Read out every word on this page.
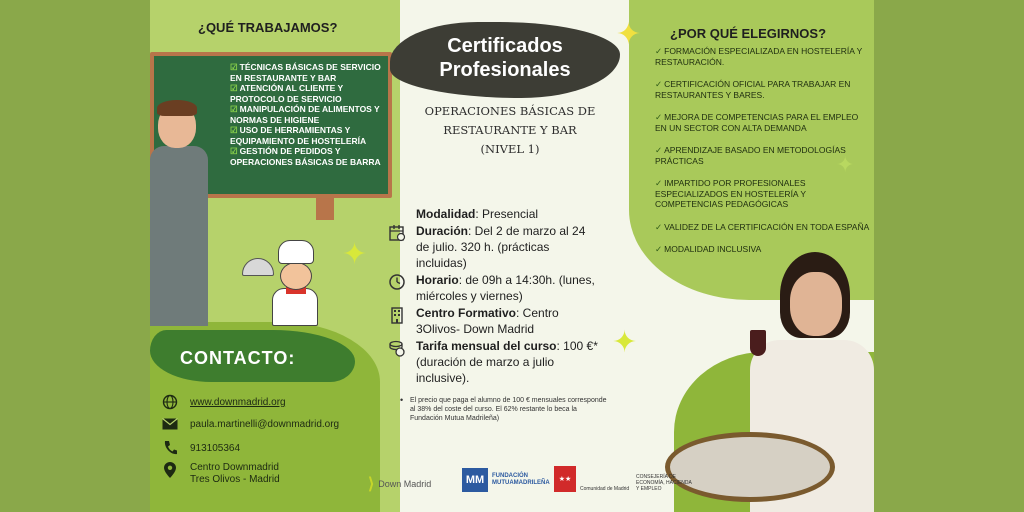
¿QUÉ TRABAJAMOS?
☑ TÉCNICAS BÁSICAS DE SERVICIO EN RESTAURANTE Y BAR
☑ ATENCIÓN AL CLIENTE Y PROTOCOLO DE SERVICIO
☑ MANIPULACIÓN DE ALIMENTOS Y NORMAS DE HIGIENE
☑ USO DE HERRAMIENTAS Y EQUIPAMIENTO DE HOSTELERÍA
☑ GESTIÓN DE PEDIDOS Y OPERACIONES BÁSICAS DE BARRA
Certificados Profesionales
OPERACIONES BÁSICAS DE
RESTAURANTE Y BAR
(NIVEL 1)
✦
✦
✦
✦
Modalidad: Presencial
Duración: Del 2 de marzo al 24 de julio. 320 h. (prácticas incluidas)
Horario: de 09h a 14:30h. (lunes, miércoles y viernes)
Centro Formativo: Centro 3Olivos- Down Madrid
Tarifa mensual del curso: 100 €* (duración de marzo a julio inclusive).
• El precio que paga el alumno de 100 € mensuales corresponde al 38% del coste del curso. El 62% restante lo beca la Fundación Mutua Madrileña)
¿POR QUÉ ELEGIRNOS?
✓ FORMACIÓN ESPECIALIZADA EN HOSTELERÍA Y RESTAURACIÓN.
✓ CERTIFICACIÓN OFICIAL PARA TRABAJAR EN RESTAURANTES Y BARES.
✓ MEJORA DE COMPETENCIAS PARA EL EMPLEO EN UN SECTOR CON ALTA DEMANDA
✓ APRENDIZAJE BASADO EN METODOLOGÍAS PRÁCTICAS
✓ IMPARTIDO POR PROFESIONALES ESPECIALIZADOS EN HOSTELERÍA Y COMPETENCIAS PEDAGÓGICAS
✓ VALIDEZ DE LA CERTIFICACIÓN EN TODA ESPAÑA
✓ MODALIDAD INCLUSIVA
CONTACTO:
www.downmadrid.org
paula.martinelli@downmadrid.org
913105364
Centro Downmadrid
Tres Olivos - Madrid	⟩ Down Madrid	MM	FUNDACIÓN
MUTUAMADRILEÑA	★★
Comunidad de Madrid
CONSEJERÍA DE ECONOMÍA, HACIENDA Y EMPLEO
